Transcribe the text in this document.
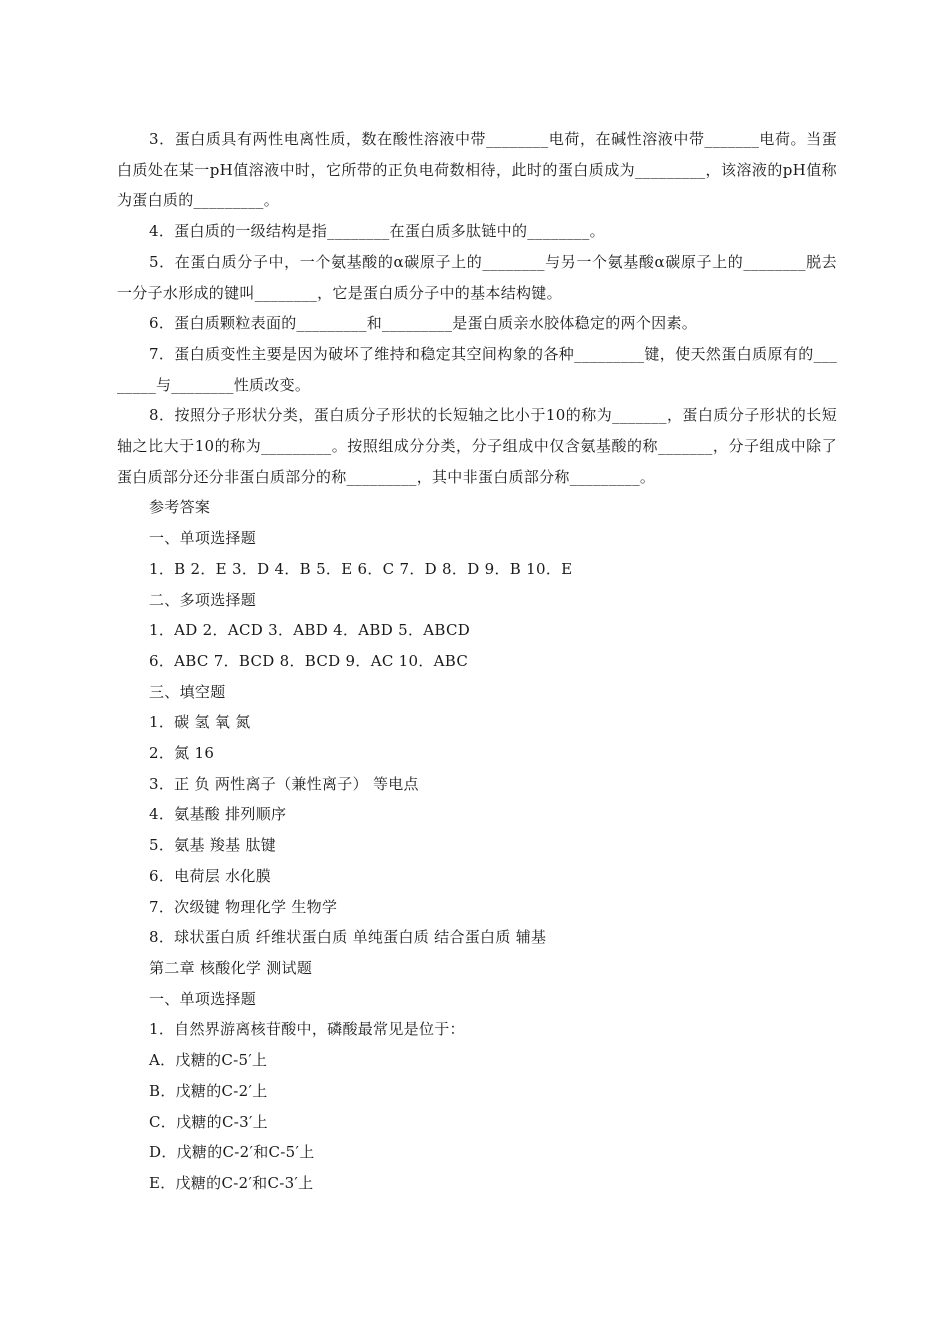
3．蛋白质具有两性电离性质，数在酸性溶液中带________电荷，在碱性溶液中带_______电荷。当蛋白质处在某一pH值溶液中时，它所带的正负电荷数相待，此时的蛋白质成为_________，该溶液的pH值称为蛋白质的_________。

4．蛋白质的一级结构是指________在蛋白质多肽链中的________。

5．在蛋白质分子中，一个氨基酸的α碳原子上的________与另一个氨基酸α碳原子上的________脱去一分子水形成的键叫________，它是蛋白质分子中的基本结构键。

6．蛋白质颗粒表面的_________和_________是蛋白质亲水胶体稳定的两个因素。

7．蛋白质变性主要是因为破坏了维持和稳定其空间构象的各种_________键，使天然蛋白质原有的________与________性质改变。

8．按照分子形状分类，蛋白质分子形状的长短轴之比小于10的称为_______，蛋白质分子形状的长短轴之比大于10的称为_________。按照组成分分类，分子组成中仅含氨基酸的称_______，分子组成中除了蛋白质部分还分非蛋白质部分的称_________，其中非蛋白质部分称_________。

参考答案

一、单项选择题

1．B 2．E 3．D 4．B 5．E 6．C 7．D 8．D 9．B 10．E

二、多项选择题

1．AD 2．ACD 3．ABD 4．ABD 5．ABCD

6．ABC 7．BCD 8．BCD 9．AC 10．ABC

三、填空题

1．碳 氢 氧 氮

2．氮 16

3．正 负 两性离子（兼性离子） 等电点

4．氨基酸 排列顺序

5．氨基 羧基 肽键

6．电荷层 水化膜

7．次级键 物理化学 生物学

8．球状蛋白质 纤维状蛋白质 单纯蛋白质 结合蛋白质 辅基

第二章 核酸化学 测试题

一、单项选择题

1．自然界游离核苷酸中，磷酸最常见是位于：

A．戊糖的C-5′上

B．戊糖的C-2′上

C．戊糖的C-3′上

D．戊糖的C-2′和C-5′上

E．戊糖的C-2′和C-3′上
